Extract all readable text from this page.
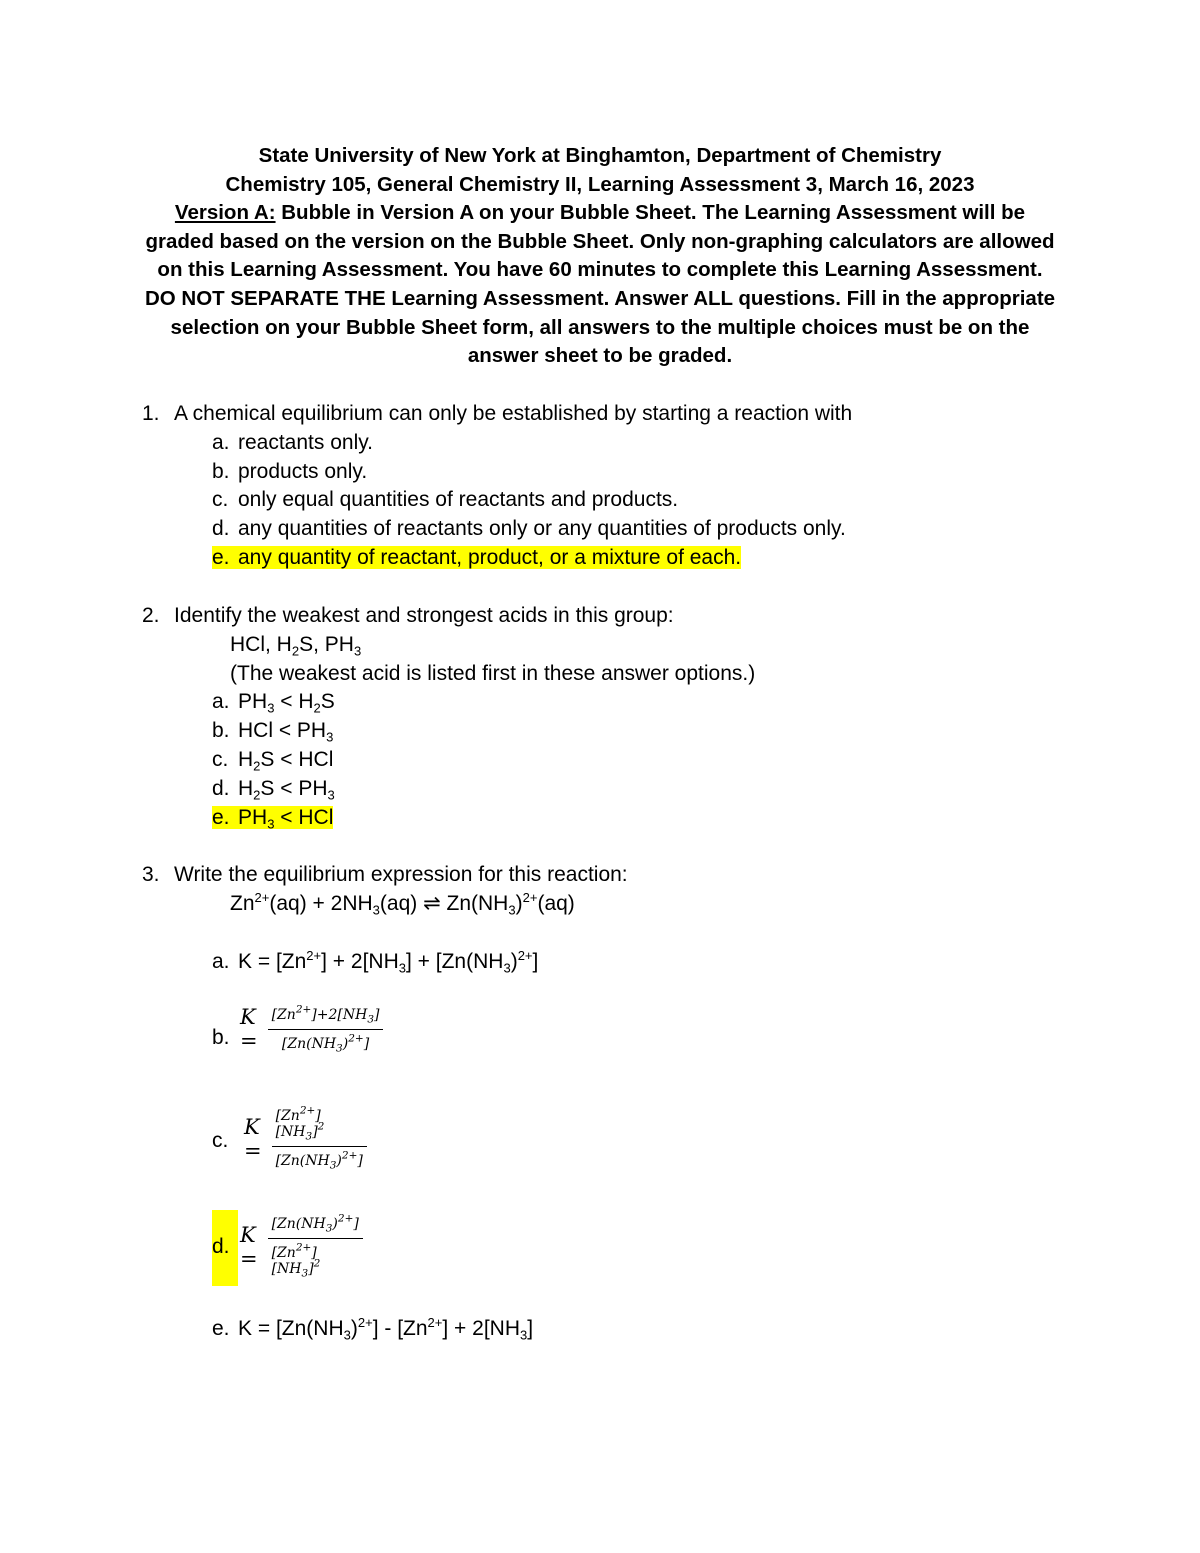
State University of New York at Binghamton, Department of Chemistry
Chemistry 105, General Chemistry II, Learning Assessment 3, March 16, 2023
Version A: Bubble in Version A on your Bubble Sheet. The Learning Assessment will be graded based on the version on the Bubble Sheet. Only non-graphing calculators are allowed on this Learning Assessment. You have 60 minutes to complete this Learning Assessment. DO NOT SEPARATE THE Learning Assessment. Answer ALL questions. Fill in the appropriate selection on your Bubble Sheet form, all answers to the multiple choices must be on the answer sheet to be graded.
1. A chemical equilibrium can only be established by starting a reaction with
a. reactants only.
b. products only.
c. only equal quantities of reactants and products.
d. any quantities of reactants only or any quantities of products only.
e. any quantity of reactant, product, or a mixture of each.
2. Identify the weakest and strongest acids in this group:
HCl, $H_2S$, $PH_3$
(The weakest acid is listed first in these answer options.)
a. $PH_3 < H_2S$
b. HCl < $PH_3$
c. $H_2S$ < HCl
d. $H_2S < PH_3$
e. $PH_3$ < HCl
3. Write the equilibrium expression for this reaction:
$Zn^{2+}(aq) + 2NH_3(aq)$ ⇌ $Zn(NH_3)^{2+}(aq)$
a. $K = [Zn^{2+}] + 2[NH_3] + [Zn(NH_3)^{2+}]$
b.
$K = \frac{[Zn^{2+}]+2[NH_3]}{[Zn(NH_3)^{2+}]}$
c.
$K = \frac{[Zn^{2+}][NH_3]^2}{[Zn(NH_3)^{2+}]}$
d. $K = \frac{[Zn(NH_3)^{2+}]}{[Zn^{2+}][NH_3]^2}$
e. $K = [Zn(NH_3)^{2+}] - [Zn^{2+}] + 2[NH_3]$
